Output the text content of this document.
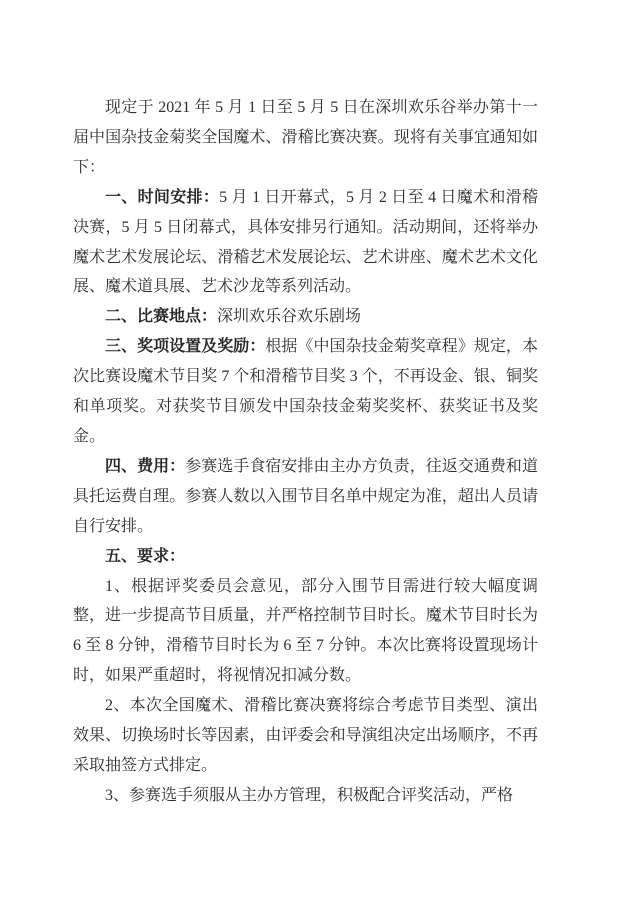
现定于 2021 年 5 月 1 日至 5 月 5 日在深圳欢乐谷举办第十一届中国杂技金菊奖全国魔术、滑稽比赛决赛。现将有关事宜通知如下：

一、时间安排：5 月 1 日开幕式，5 月 2 日至 4 日魔术和滑稽决赛，5 月 5 日闭幕式，具体安排另行通知。活动期间，还将举办魔术艺术发展论坛、滑稽艺术发展论坛、艺术讲座、魔术艺术文化展、魔术道具展、艺术沙龙等系列活动。

二、比赛地点：深圳欢乐谷欢乐剧场

三、奖项设置及奖励：根据《中国杂技金菊奖章程》规定，本次比赛设魔术节目奖 7 个和滑稽节目奖 3 个，不再设金、银、铜奖和单项奖。对获奖节目颁发中国杂技金菊奖奖杯、获奖证书及奖金。

四、费用：参赛选手食宿安排由主办方负责，往返交通费和道具托运费自理。参赛人数以入围节目名单中规定为准，超出人员请自行安排。

五、要求：

1、根据评奖委员会意见，部分入围节目需进行较大幅度调整，进一步提高节目质量，并严格控制节目时长。魔术节目时长为 6 至 8 分钟，滑稽节目时长为 6 至 7 分钟。本次比赛将设置现场计时，如果严重超时，将视情况扣减分数。

2、本次全国魔术、滑稽比赛决赛将综合考虑节目类型、演出效果、切换场时长等因素，由评委会和导演组决定出场顺序，不再采取抽签方式排定。

3、参赛选手须服从主办方管理，积极配合评奖活动，严格
